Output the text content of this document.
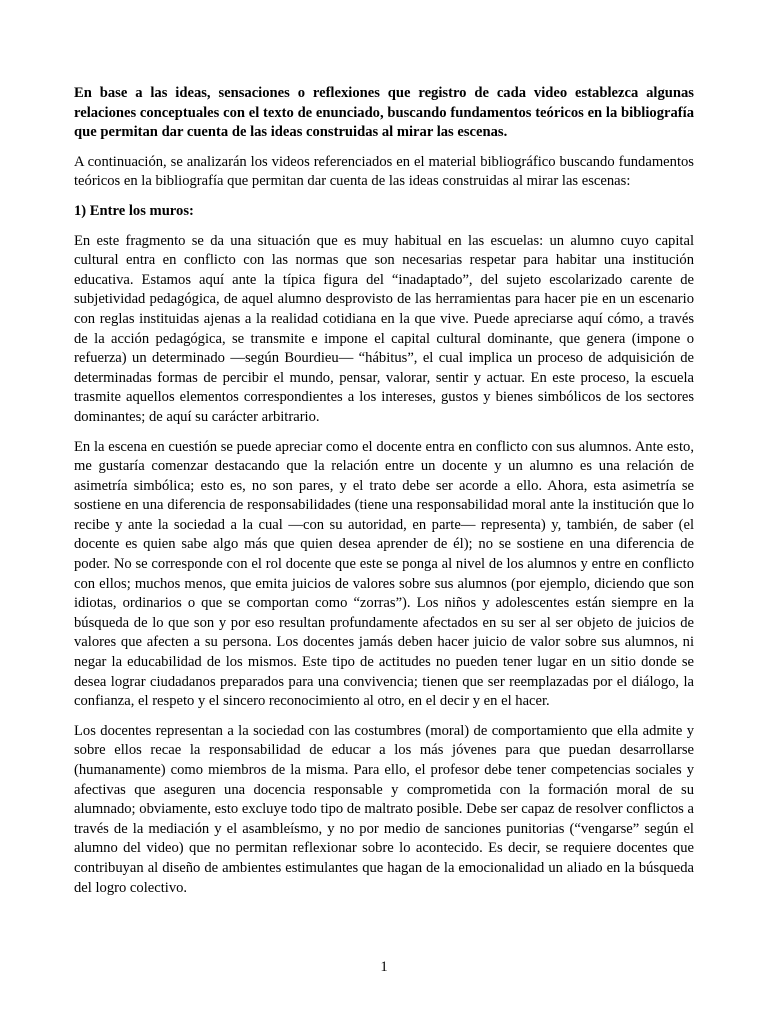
En base a las ideas, sensaciones o reflexiones que registro de cada video establezca algunas relaciones conceptuales con el texto de enunciado, buscando fundamentos teóricos en la bibliografía que permitan dar cuenta de las ideas construidas al mirar las escenas.

A continuación, se analizarán los videos referenciados en el material bibliográfico buscando fundamentos teóricos en la bibliografía que permitan dar cuenta de las ideas construidas al mirar las escenas:

1) Entre los muros:

En este fragmento se da una situación que es muy habitual en las escuelas: un alumno cuyo capital cultural entra en conflicto con las normas que son necesarias respetar para habitar una institución educativa. Estamos aquí ante la típica figura del “inadaptado”, del sujeto escolarizado carente de subjetividad pedagógica, de aquel alumno desprovisto de las herramientas para hacer pie en un escenario con reglas instituidas ajenas a la realidad cotidiana en la que vive. Puede apreciarse aquí cómo, a través de la acción pedagógica, se transmite e impone el capital cultural dominante, que genera (impone o refuerza) un determinado —según Bourdieu— “hábitus”, el cual implica un proceso de adquisición de determinadas formas de percibir el mundo, pensar, valorar, sentir y actuar. En este proceso, la escuela trasmite aquellos elementos correspondientes a los intereses, gustos y bienes simbólicos de los sectores dominantes; de aquí su carácter arbitrario.

En la escena en cuestión se puede apreciar como el docente entra en conflicto con sus alumnos. Ante esto, me gustaría comenzar destacando que la relación entre un docente y un alumno es una relación de asimetría simbólica; esto es, no son pares, y el trato debe ser acorde a ello. Ahora, esta asimetría se sostiene en una diferencia de responsabilidades (tiene una responsabilidad moral ante la institución que lo recibe y ante la sociedad a la cual —con su autoridad, en parte— representa) y, también, de saber (el docente es quien sabe algo más que quien desea aprender de él); no se sostiene en una diferencia de poder. No se corresponde con el rol docente que este se ponga al nivel de los alumnos y entre en conflicto con ellos; muchos menos, que emita juicios de valores sobre sus alumnos (por ejemplo, diciendo que son idiotas, ordinarios o que se comportan como “zorras”). Los niños y adolescentes están siempre en la búsqueda de lo que son y por eso resultan profundamente afectados en su ser al ser objeto de juicios de valores que afecten a su persona. Los docentes jamás deben hacer juicio de valor sobre sus alumnos, ni negar la educabilidad de los mismos. Este tipo de actitudes no pueden tener lugar en un sitio donde se desea lograr ciudadanos preparados para una convivencia; tienen que ser reemplazadas por el diálogo, la confianza, el respeto y el sincero reconocimiento al otro, en el decir y en el hacer.

Los docentes representan a la sociedad con las costumbres (moral) de comportamiento que ella admite y sobre ellos recae la responsabilidad de educar a los más jóvenes para que puedan desarrollarse (humanamente) como miembros de la misma. Para ello, el profesor debe tener competencias sociales y afectivas que aseguren una docencia responsable y comprometida con la formación moral de su alumnado; obviamente, esto excluye todo tipo de maltrato posible. Debe ser capaz de resolver conflictos a través de la mediación y el asambleísmo, y no por medio de sanciones punitorias (“vengarse” según el alumno del video) que no permitan reflexionar sobre lo acontecido. Es decir, se requiere docentes que contribuyan al diseño de ambientes estimulantes que hagan de la emocionalidad un aliado en la búsqueda del logro colectivo.

1
